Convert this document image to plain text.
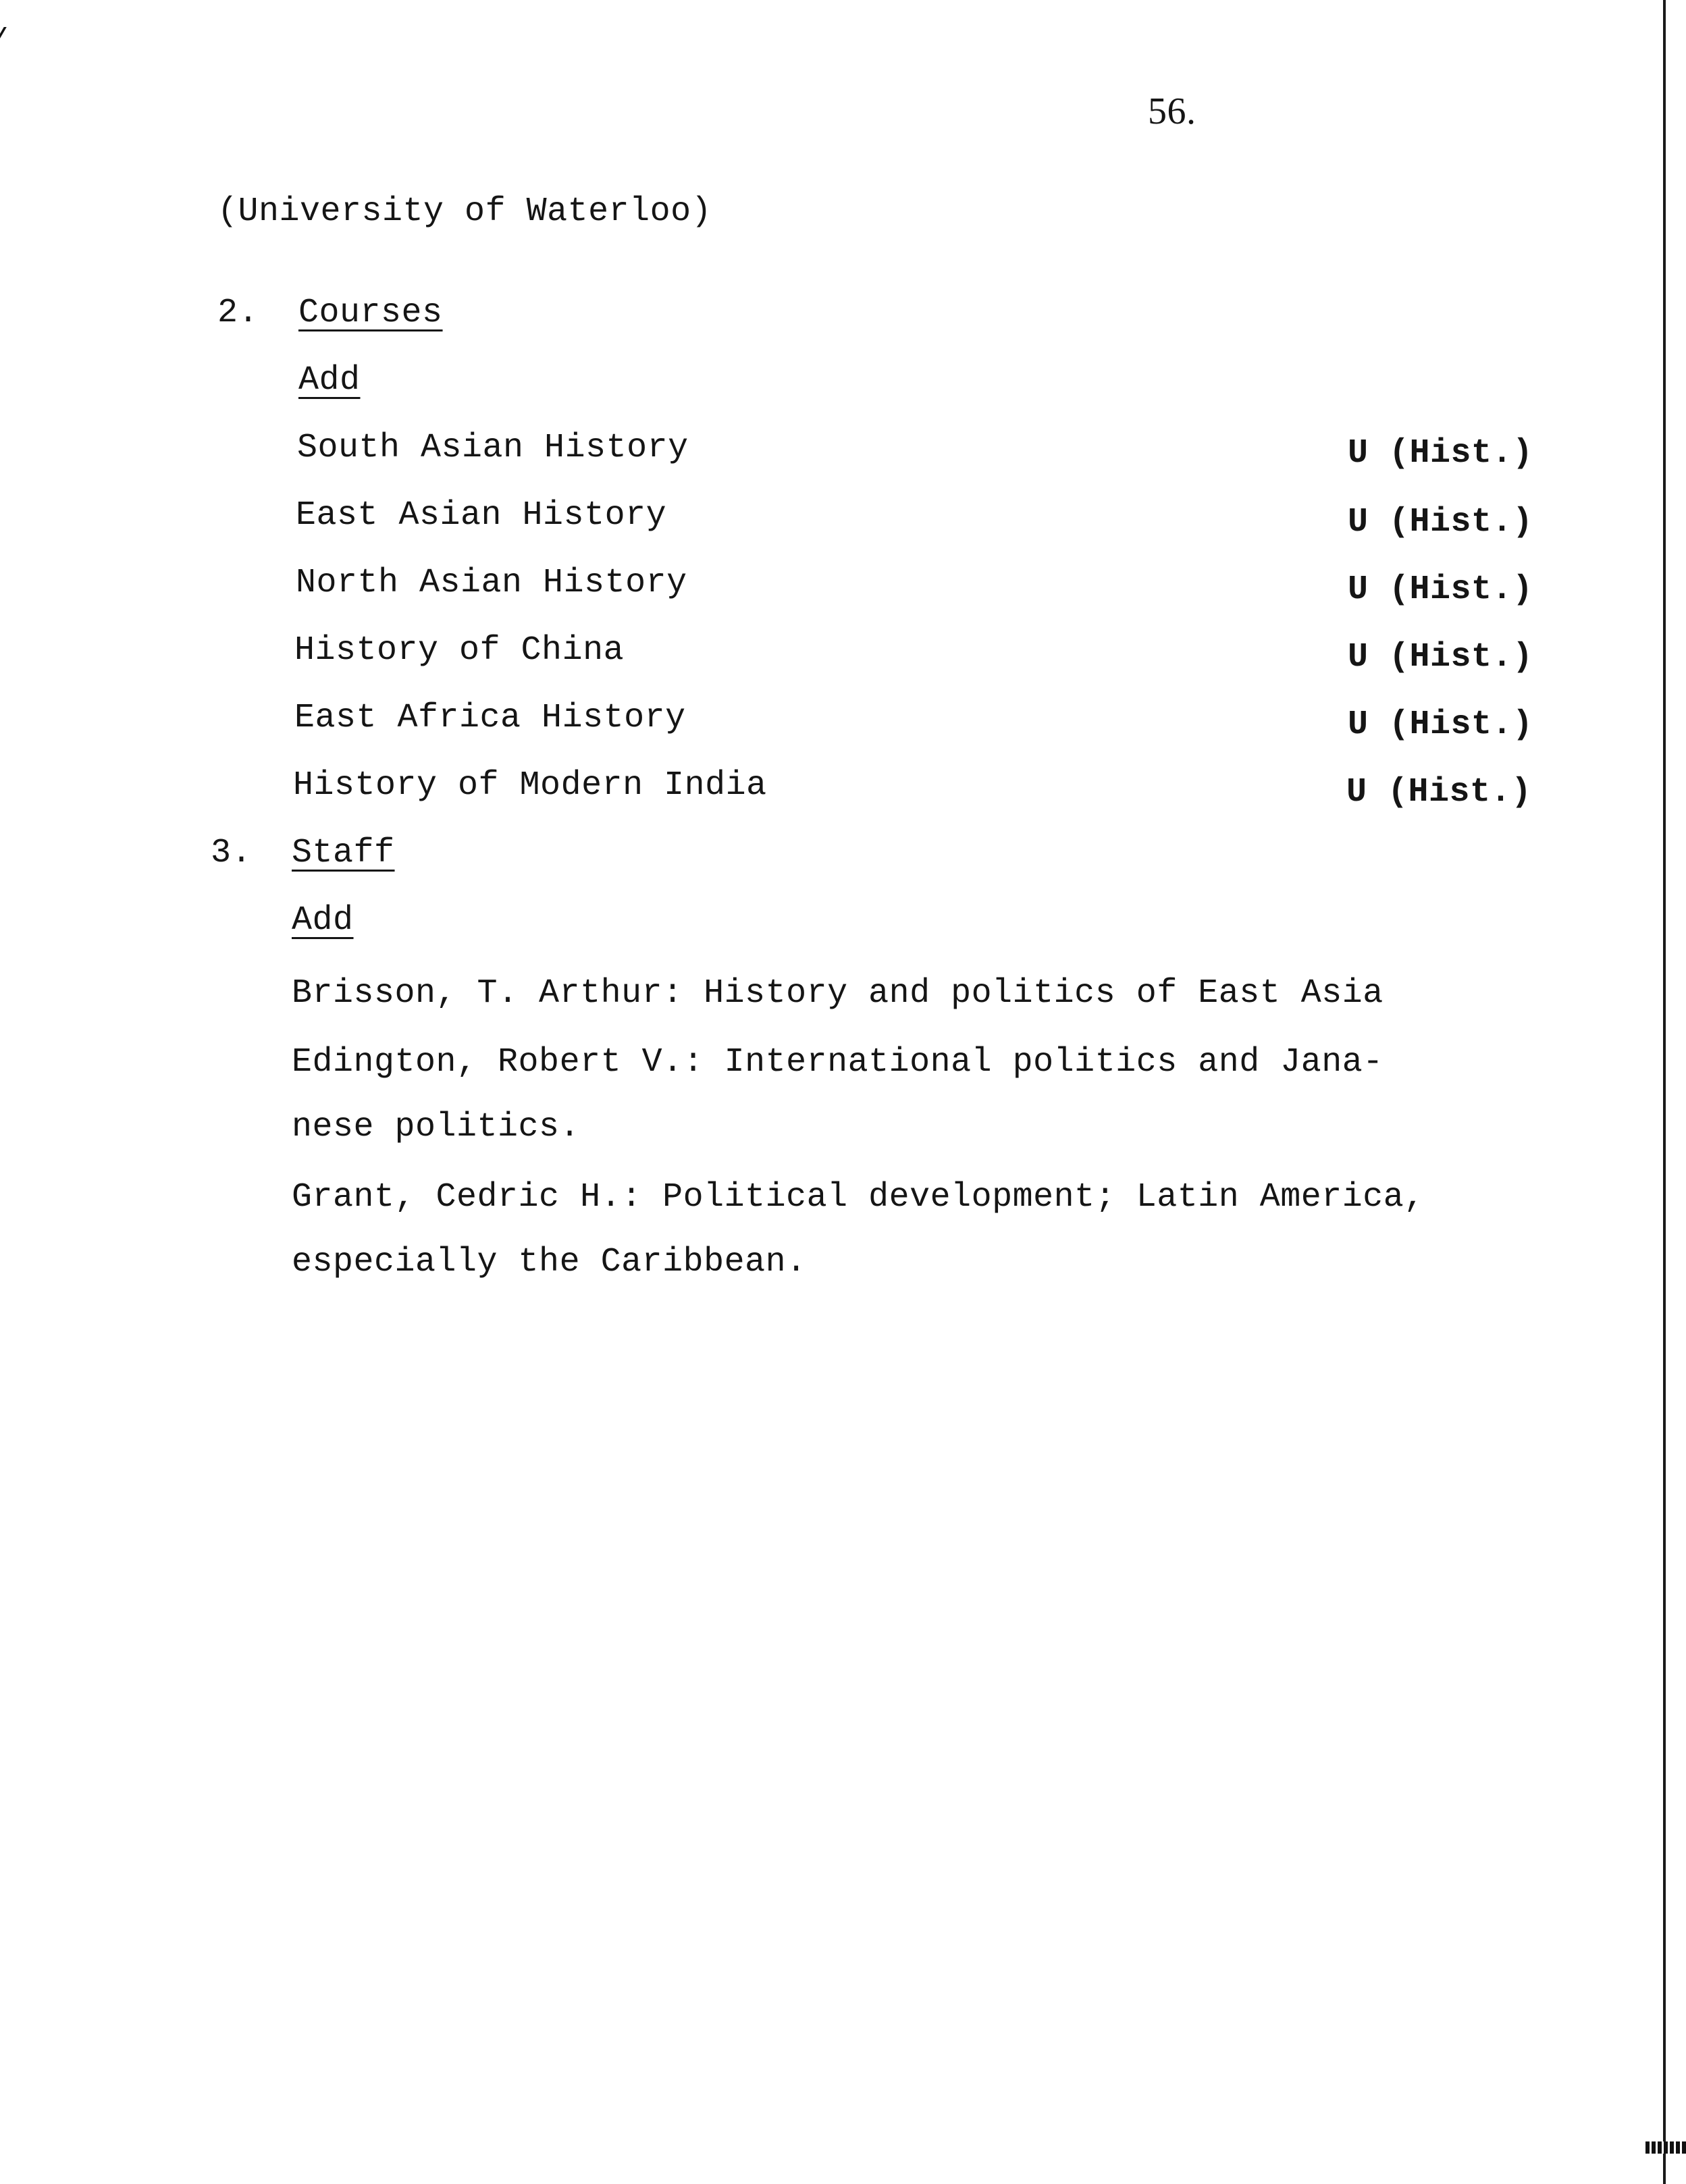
56.
(University of Waterloo)
2. Courses
Add
South Asian History	U (Hist.)
East Asian History	U (Hist.)
North Asian History	U (Hist.)
History of China	U (Hist.)
East Africa History	U (Hist.)
History of Modern India	U (Hist.)
3. Staff
Add
Brisson, T. Arthur: History and politics of East Asia
Edington, Robert V.: International politics and Jana-
nese politics.
Grant, Cedric H.: Political development; Latin America,
especially the Caribbean.
